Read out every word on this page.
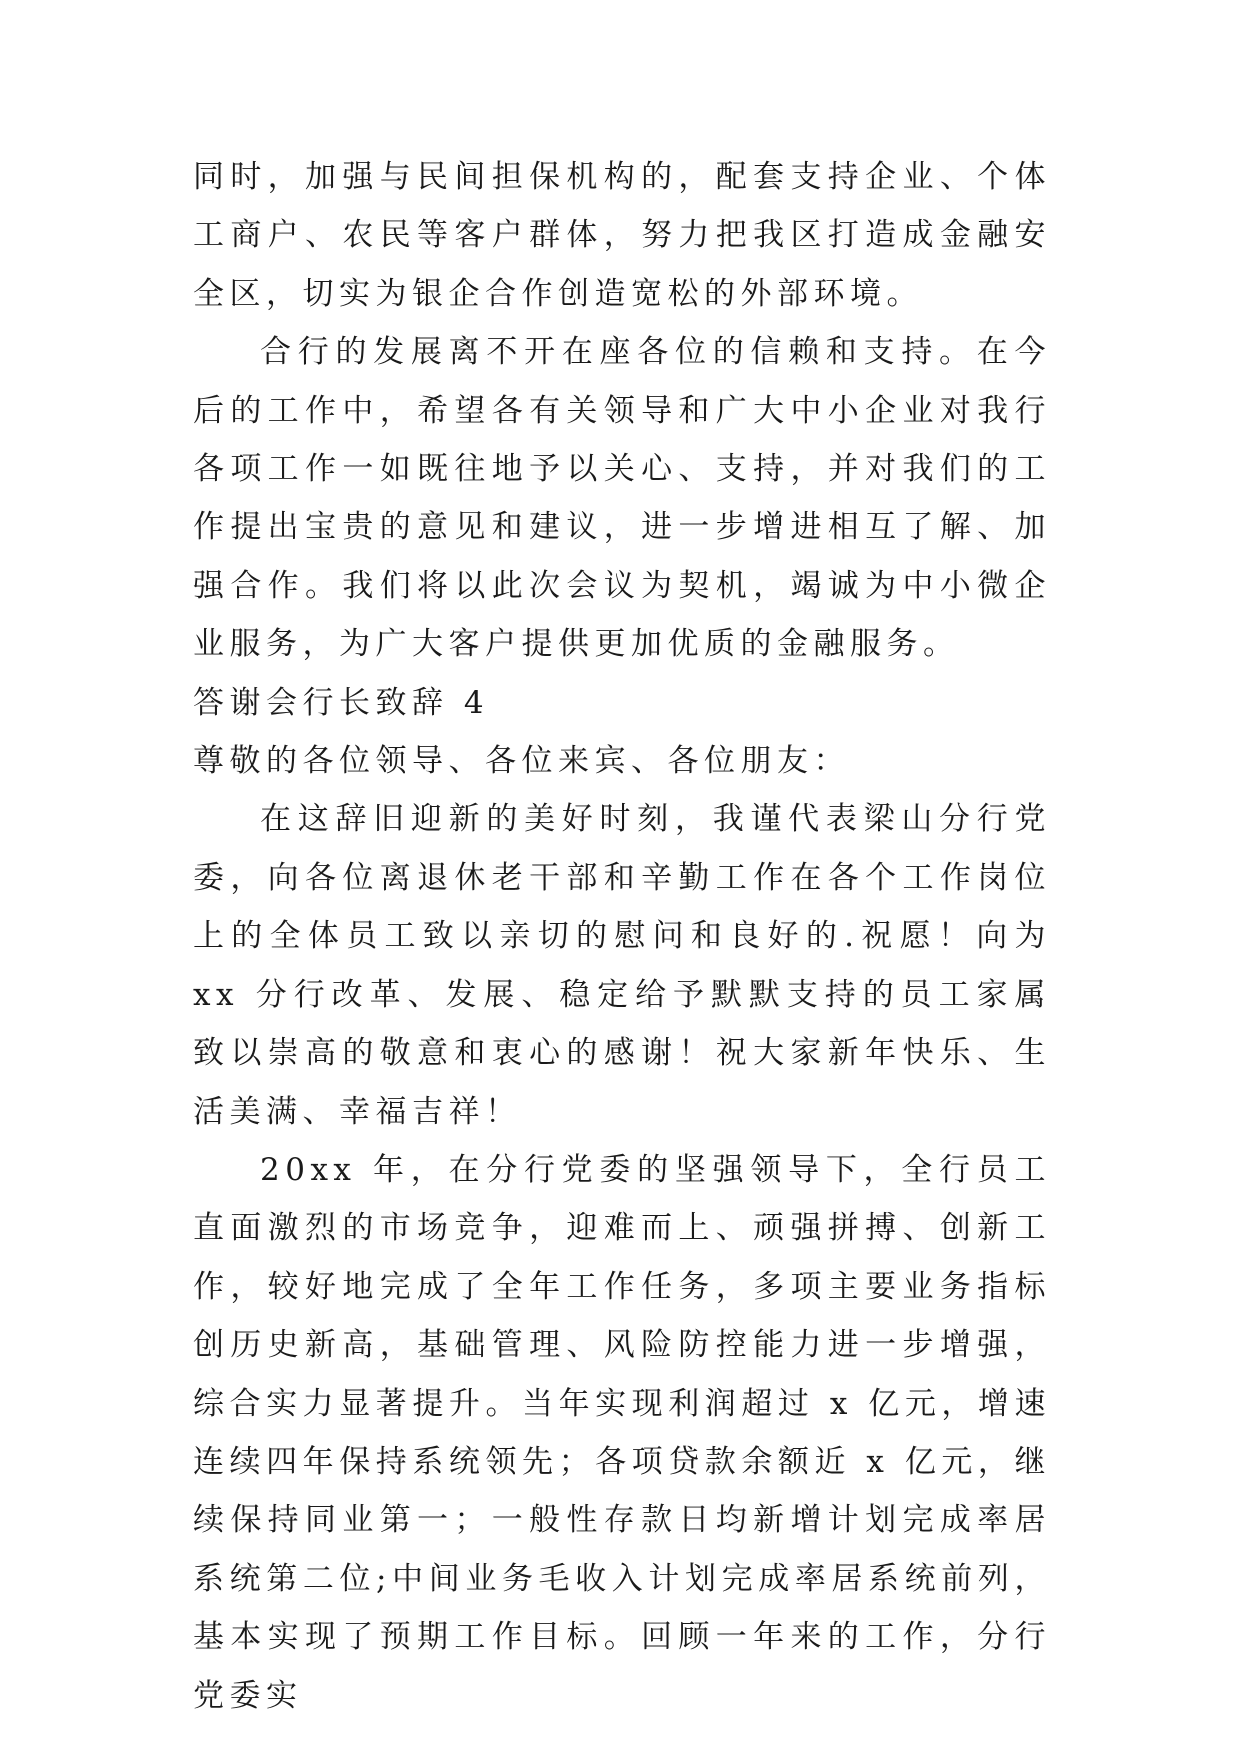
同时，加强与民间担保机构的，配套支持企业、个体工商户、农民等客户群体，努力把我区打造成金融安全区，切实为银企合作创造宽松的外部环境。

合行的发展离不开在座各位的信赖和支持。在今后的工作中，希望各有关领导和广大中小企业对我行各项工作一如既往地予以关心、支持，并对我们的工作提出宝贵的意见和建议，进一步增进相互了解、加强合作。我们将以此次会议为契机，竭诚为中小微企业服务，为广大客户提供更加优质的金融服务。

答谢会行长致辞 4

尊敬的各位领导、各位来宾、各位朋友：

在这辞旧迎新的美好时刻，我谨代表梁山分行党委，向各位离退休老干部和辛勤工作在各个工作岗位上的全体员工致以亲切的慰问和良好的.祝愿！向为 xx 分行改革、发展、稳定给予默默支持的员工家属致以崇高的敬意和衷心的感谢！祝大家新年快乐、生活美满、幸福吉祥！

20xx 年，在分行党委的坚强领导下，全行员工直面激烈的市场竞争，迎难而上、顽强拼搏、创新工作，较好地完成了全年工作任务，多项主要业务指标创历史新高，基础管理、风险防控能力进一步增强，综合实力显著提升。当年实现利润超过 x 亿元，增速连续四年保持系统领先；各项贷款余额近 x 亿元，继续保持同业第一；一般性存款日均新增计划完成率居系统第二位;中间业务毛收入计划完成率居系统前列，基本实现了预期工作目标。回顾一年来的工作，分行党委实
